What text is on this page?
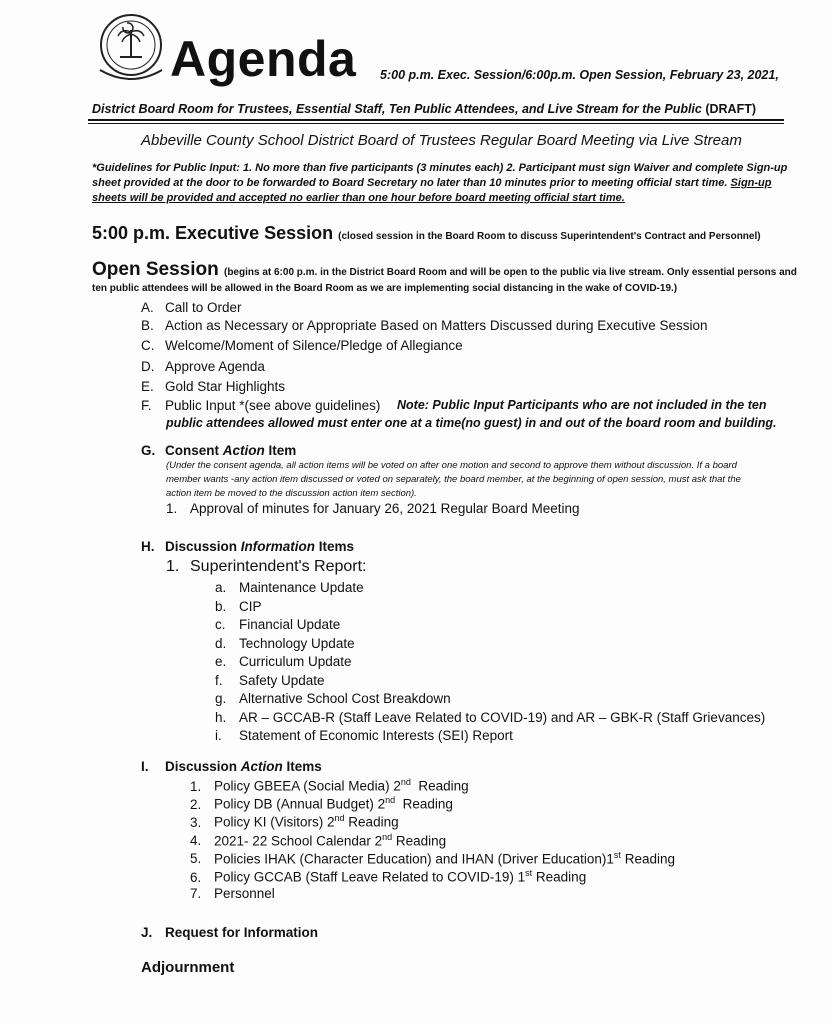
Agenda 5:00 p.m. Exec. Session/6:00p.m. Open Session, February 23, 2021,
District Board Room for Trustees, Essential Staff, Ten Public Attendees, and Live Stream for the Public (DRAFT)
Abbeville County School District Board of Trustees Regular Board Meeting via Live Stream
*Guidelines for Public Input: 1. No more than five participants (3 minutes each) 2. Participant must sign Waiver and complete Sign-up sheet provided at the door to be forwarded to Board Secretary no later than 10 minutes prior to meeting official start time. Sign-up sheets will be provided and accepted no earlier than one hour before board meeting official start time.
5:00 p.m. Executive Session (closed session in the Board Room to discuss Superintendent's Contract and Personnel)
Open Session (begins at 6:00 p.m. in the District Board Room and will be open to the public via live stream. Only essential persons and
ten public attendees will be allowed in the Board Room as we are implementing social distancing in the wake of COVID-19.)
A. Call to Order
B. Action as Necessary or Appropriate Based on Matters Discussed during Executive Session
C. Welcome/Moment of Silence/Pledge of Allegiance
D. Approve Agenda
E. Gold Star Highlights
F. Public Input *(see above guidelines) Note: Public Input Participants who are not included in the ten
public attendees allowed must enter one at a time(no guest) in and out of the board room and building.
G. Consent Action Item
(Under the consent agenda, all action items will be voted on after one motion and second to approve them without discussion. If a board
member wants -any action item discussed or voted on separately, the board member, at the beginning of open session, must ask that the
action item be moved to the discussion action item section).
1. Approval of minutes for January 26, 2021 Regular Board Meeting
H. Discussion Information Items
1. Superintendent's Report:
a. Maintenance Update
b. CIP
c. Financial Update
d. Technology Update
e. Curriculum Update
f. Safety Update
g. Alternative School Cost Breakdown
h. AR – GCCAB-R (Staff Leave Related to COVID-19) and AR – GBK-R (Staff Grievances)
i. Statement of Economic Interests (SEI) Report
I. Discussion Action Items
1. Policy GBEEA (Social Media) 2nd  Reading
2. Policy DB (Annual Budget) 2nd  Reading
3. Policy KI (Visitors) 2nd Reading
4. 2021- 22 School Calendar 2nd Reading
5. Policies IHAK (Character Education) and IHAN (Driver Education)1st Reading
6. Policy GCCAB (Staff Leave Related to COVID-19) 1st Reading
7. Personnel
J. Request for Information
Adjournment
